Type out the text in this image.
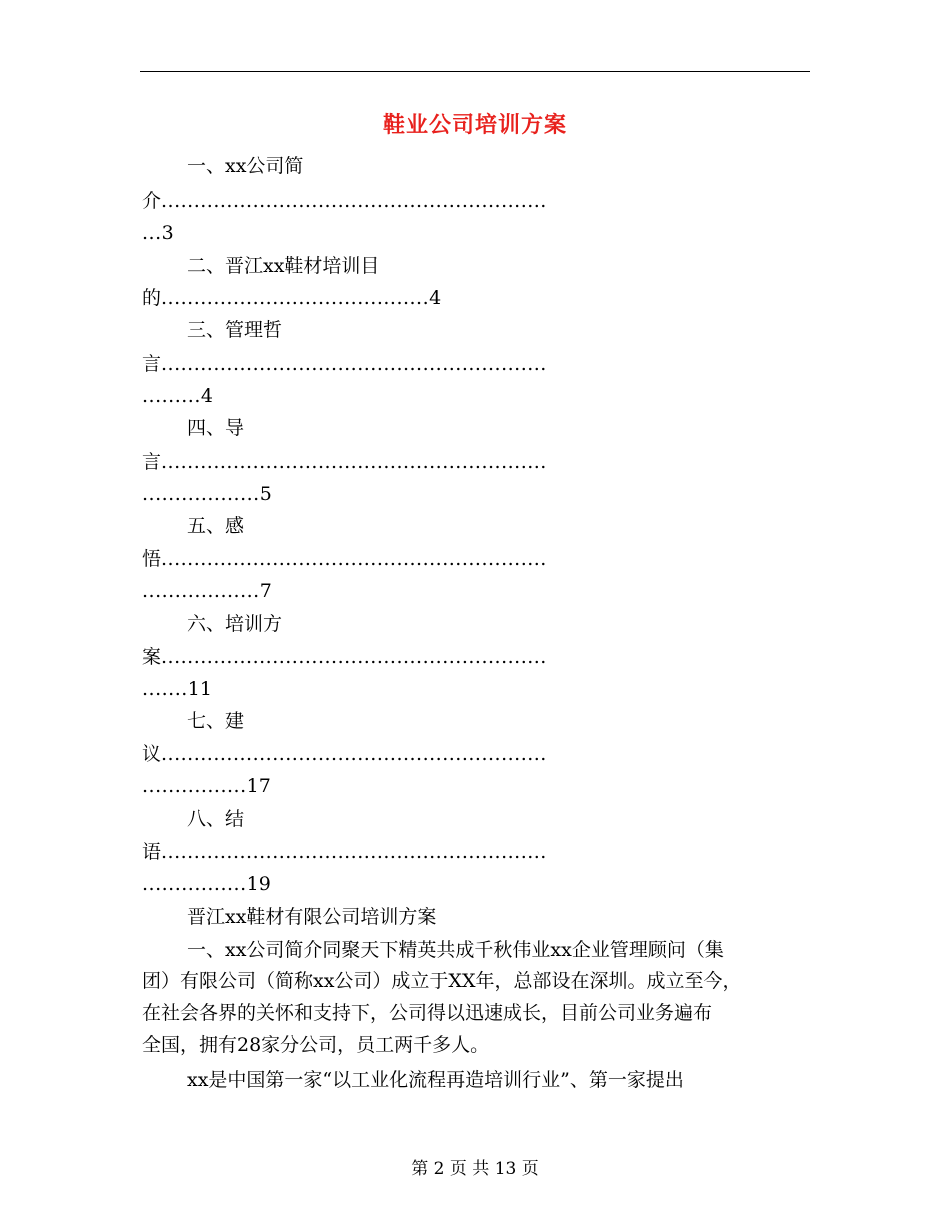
鞋业公司培训方案
一、xx公司简
介...........................................................
...3
二、晋江xx鞋材培训目
的.........................................4
三、管理哲
言...........................................................
.........4
四、导
言...........................................................
..................5
五、感
悟...........................................................
..................7
六、培训方
案...........................................................
.......11
七、建
议...........................................................
................17
八、结
语...........................................................
................19
晋江xx鞋材有限公司培训方案
一、xx公司简介同聚天下精英共成千秋伟业xx企业管理顾问（集
团）有限公司（简称xx公司）成立于XX年，总部设在深圳。成立至今，
在社会各界的关怀和支持下，公司得以迅速成长，目前公司业务遍布
全国，拥有28家分公司，员工两千多人。
xx是中国第一家“以工业化流程再造培训行业”、第一家提出
第 2 页 共 13 页
